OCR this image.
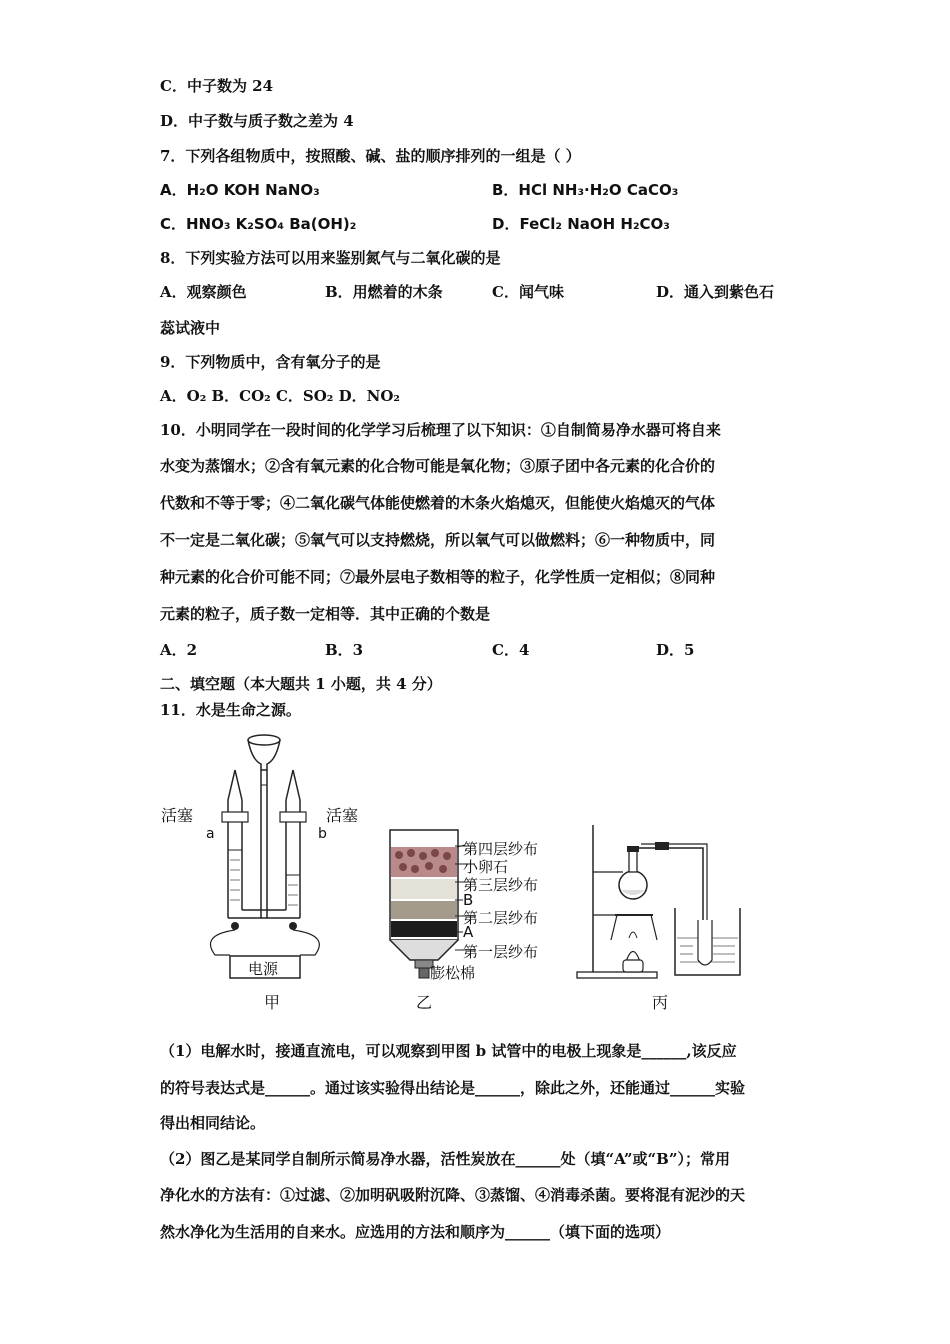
C．中子数为 24
D．中子数与质子数之差为 4
7．下列各组物质中，按照酸、碱、盐的顺序排列的一组是（ ）
A．H₂O KOH NaNO₃	B．HCl NH₃·H₂O CaCO₃
C．HNO₃ K₂SO₄ Ba(OH)₂	D．FeCl₂ NaOH H₂CO₃
8．下列实验方法可以用来鉴别氮气与二氧化碳的是
A．观察颜色	B．用燃着的木条	C．闻气味	D．通入到紫色石
蕊试液中
9．下列物质中，含有氧分子的是
A．O₂ B．CO₂ C．SO₂ D．NO₂
10．小明同学在一段时间的化学学习后梳理了以下知识：①自制简易净水器可将自来
水变为蒸馏水；②含有氧元素的化合物可能是氧化物；③原子团中各元素的化合价的
代数和不等于零；④二氧化碳气体能使燃着的木条火焰熄灭，但能使火焰熄灭的气体
不一定是二氧化碳；⑤氧气可以支持燃烧，所以氧气可以做燃料；⑥一种物质中，同
种元素的化合价可能不同；⑦最外层电子数相等的粒子，化学性质一定相似；⑧同种
元素的粒子，质子数一定相等．其中正确的个数是
A．2	B．3	C．4	D．5
二、填空题（本大题共 1 小题，共 4 分）
11．水是生命之源。
活塞	活塞
a	b
电源
甲
第四层纱布
小卵石
第三层纱布
B
第二层纱布
A
第一层纱布
膨松棉
乙	丙
（1）电解水时，接通直流电，可以观察到甲图 b 试管中的电极上现象是______,该反应
的符号表达式是______。通过该实验得出结论是______，除此之外，还能通过______实验
得出相同结论。
（2）图乙是某同学自制所示简易净水器，活性炭放在______处（填“A”或“B”）；常用
净化水的方法有：①过滤、②加明矾吸附沉降、③蒸馏、④消毒杀菌。要将混有泥沙的天
然水净化为生活用的自来水。应选用的方法和顺序为______（填下面的选项）
